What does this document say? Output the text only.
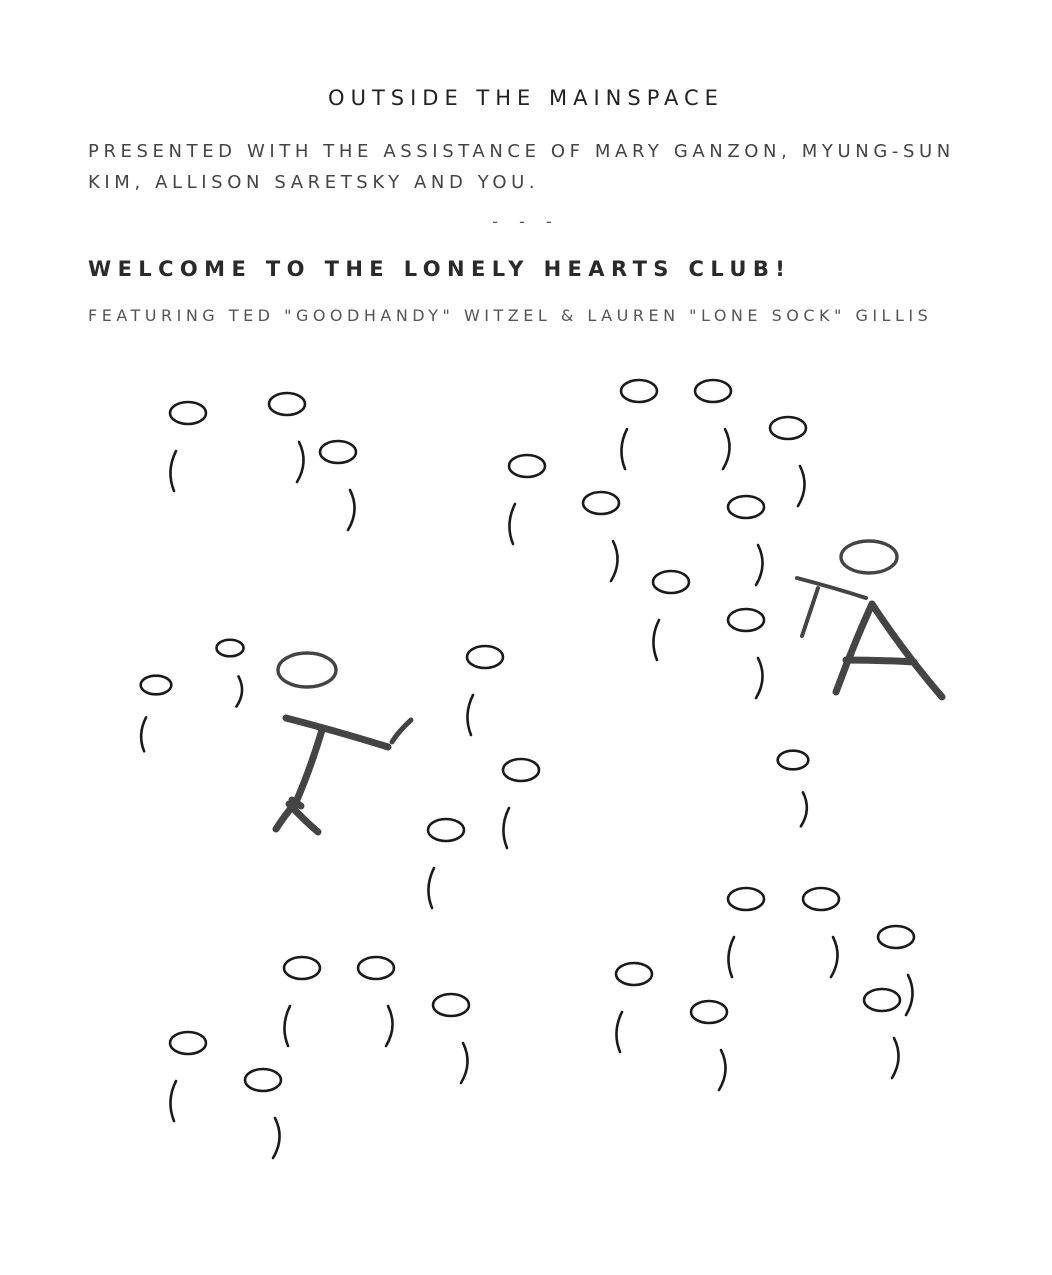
OUTSIDE THE MAINSPACE
PRESENTED WITH THE ASSISTANCE OF MARY GANZON, MYUNG-SUN KIM, ALLISON SARETSKY AND YOU.
- - -
WELCOME TO THE LONELY HEARTS CLUB!
FEATURING TED "GOODHANDY" WITZEL & LAUREN "LONE SOCK" GILLIS
